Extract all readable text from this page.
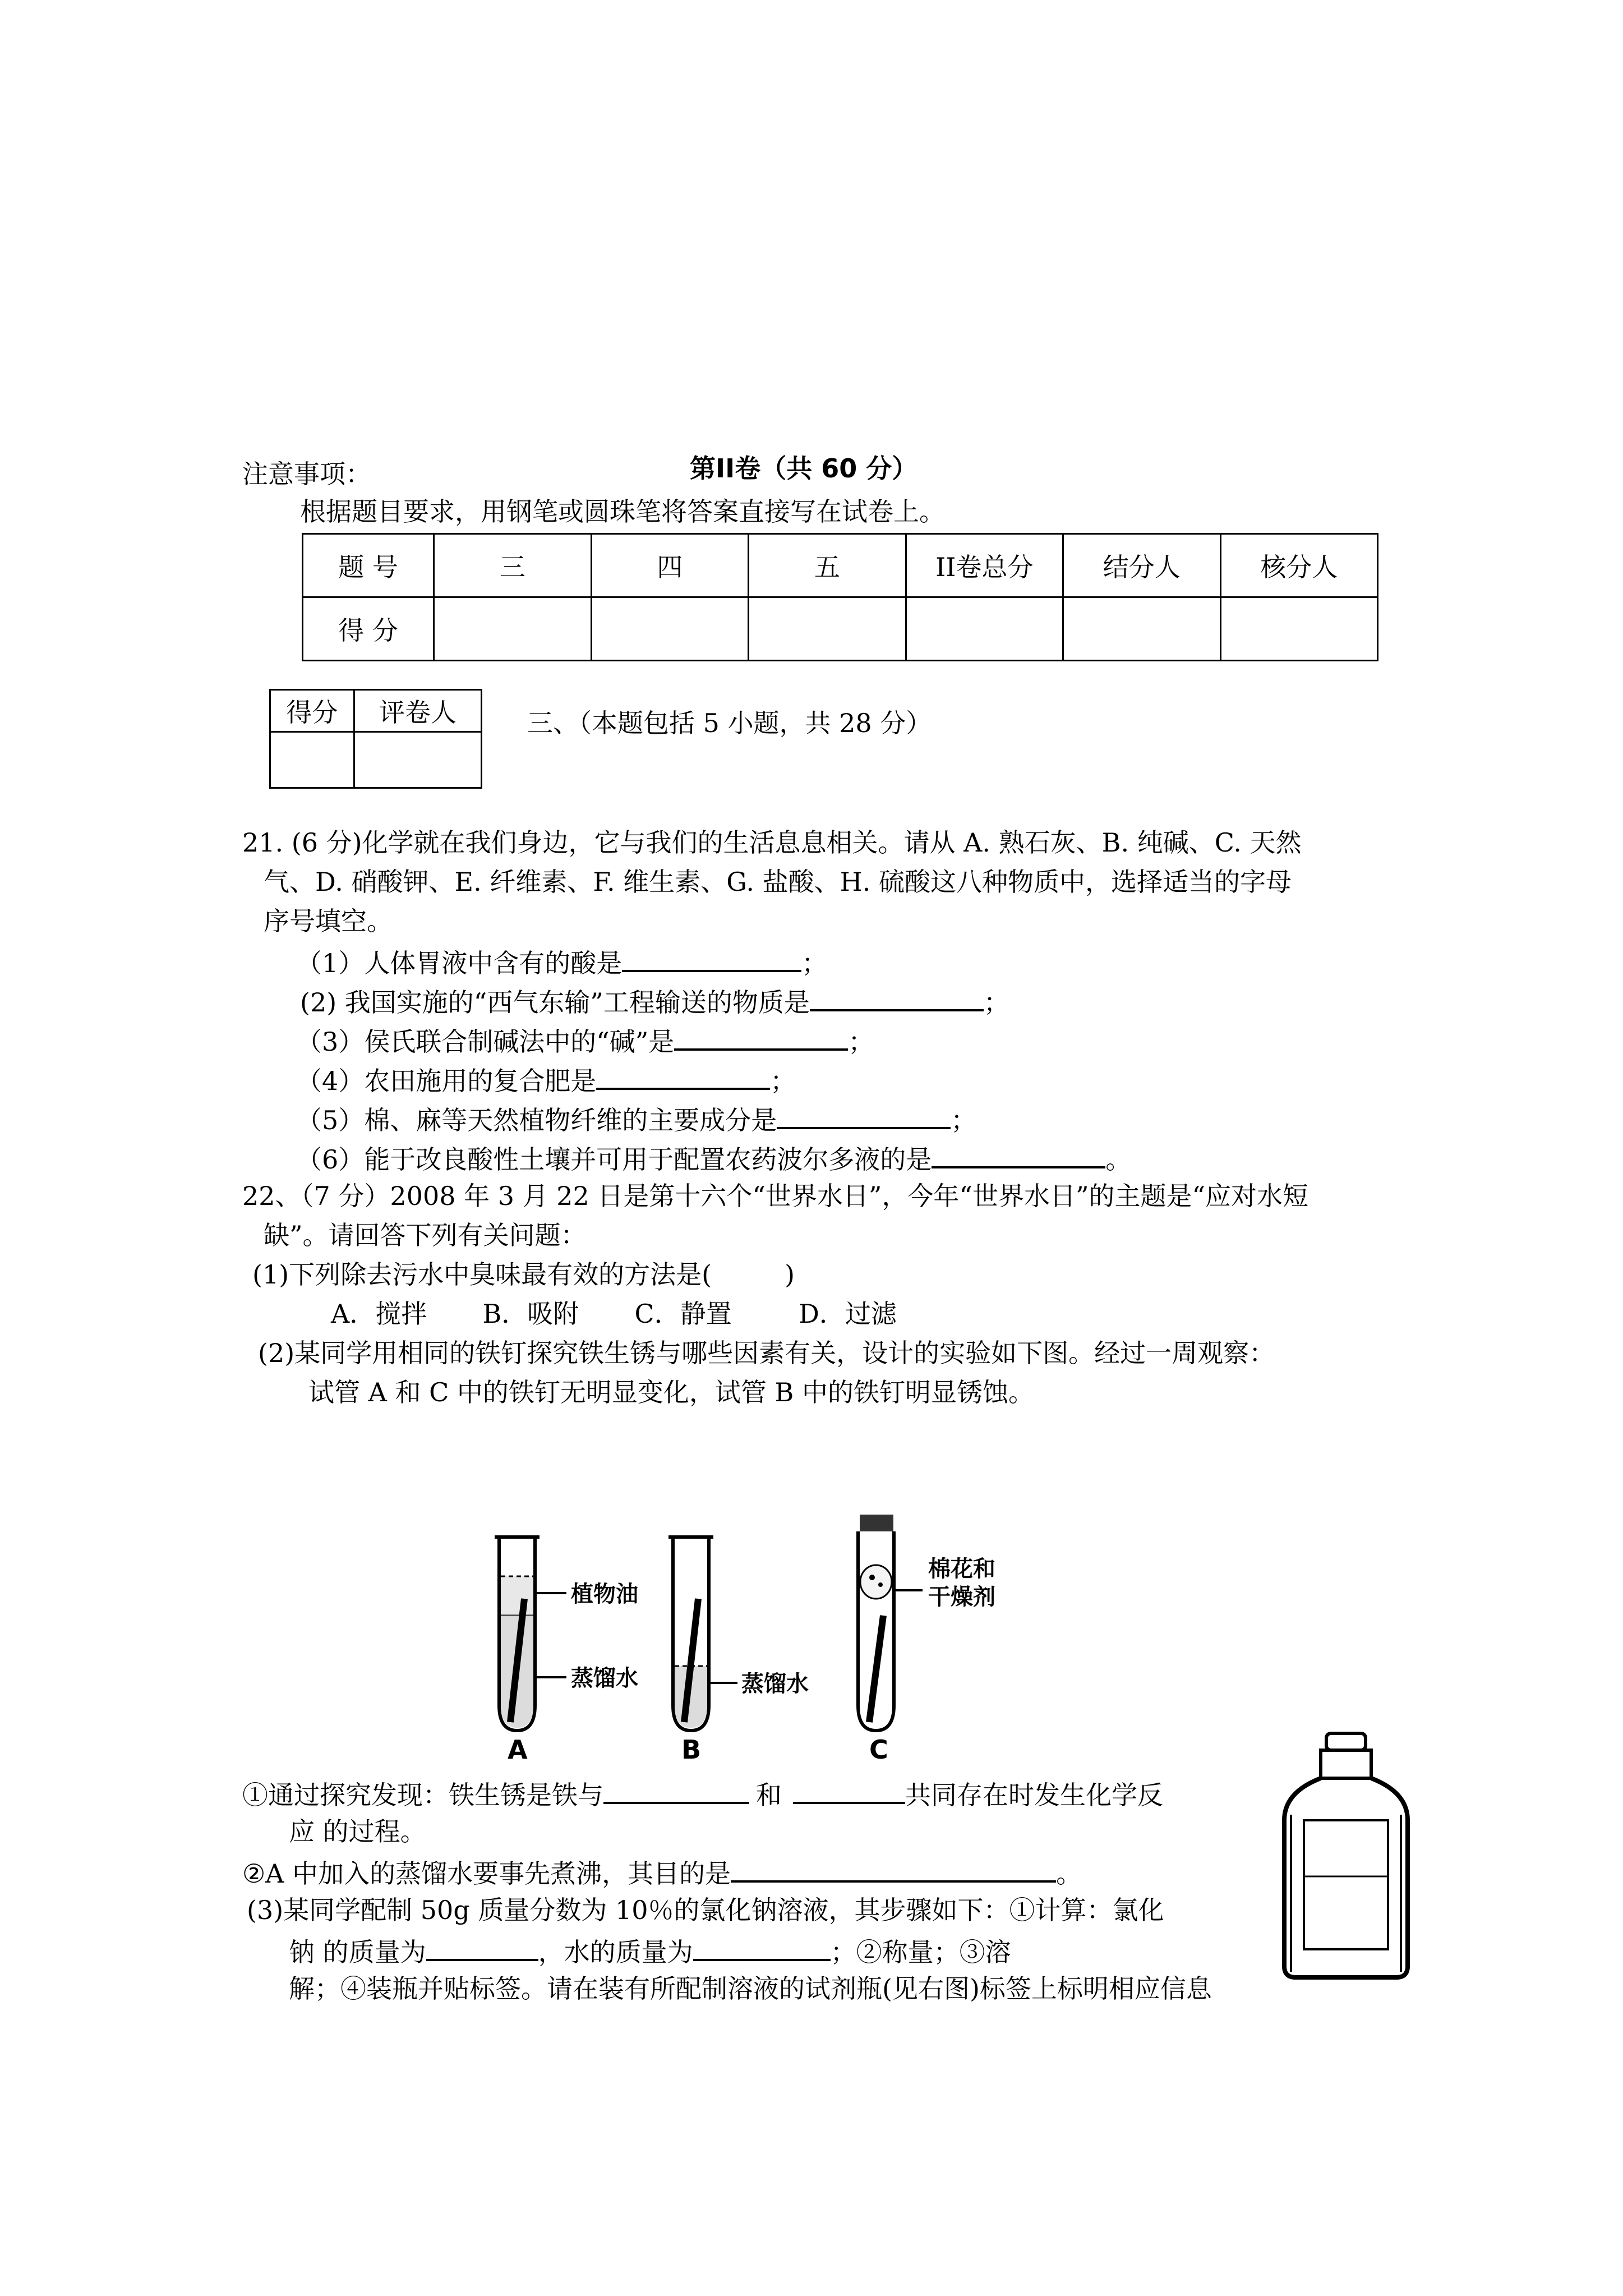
第II卷（共 60 分）
注意事项：
根据题目要求，用钢笔或圆珠笔将答案直接写在试卷上。
题 号	三	四	五	II卷总分	结分人	核分人
得 分						
得分	评卷人
		三、（本题包括 5 小题，共 28 分）
21. (6 分)化学就在我们身边，它与我们的生活息息相关。请从 A. 熟石灰、B. 纯碱、C. 天然
气、D. 硝酸钾、E. 纤维素、F. 维生素、G. 盐酸、H. 硫酸这八种物质中，选择适当的字母
序号填空。
（1）人体胃液中含有的酸是	；
(2) 我国实施的“西气东输”工程输送的物质是	；
（3）侯氏联合制碱法中的“碱”是	；
（4）农田施用的复合肥是	；
（5）棉、麻等天然植物纤维的主要成分是	；
（6）能于改良酸性土壤并可用于配置农药波尔多液的是	。
22、（7 分）2008 年 3 月 22 日是第十六个“世界水日”，今年“世界水日”的主题是“应对水短
缺”。请回答下列有关问题：
(1)下列除去污水中臭味最有效的方法是(	)
A．搅拌 B．吸附 C．静置	D．过滤
(2)某同学用相同的铁钉探究铁生锈与哪些因素有关，设计的实验如下图。经过一周观察：
试管 A 和 C 中的铁钉无明显变化，试管 B 中的铁钉明显锈蚀。
植物油
蒸馏水
A
蒸馏水
B
棉花和
干燥剂
C
①通过探究发现：铁生锈是铁与	和	共同存在时发生化学反
应 的过程。
②A 中加入的蒸馏水要事先煮沸，其目的是	。
(3)某同学配制 50g 质量分数为 10％的氯化钠溶液，其步骤如下：①计算：氯化
钠 的质量为	，水的质量为	；②称量；③溶
解；④装瓶并贴标签。请在装有所配制溶液的试剂瓶(见右图)标签上标明相应信息
